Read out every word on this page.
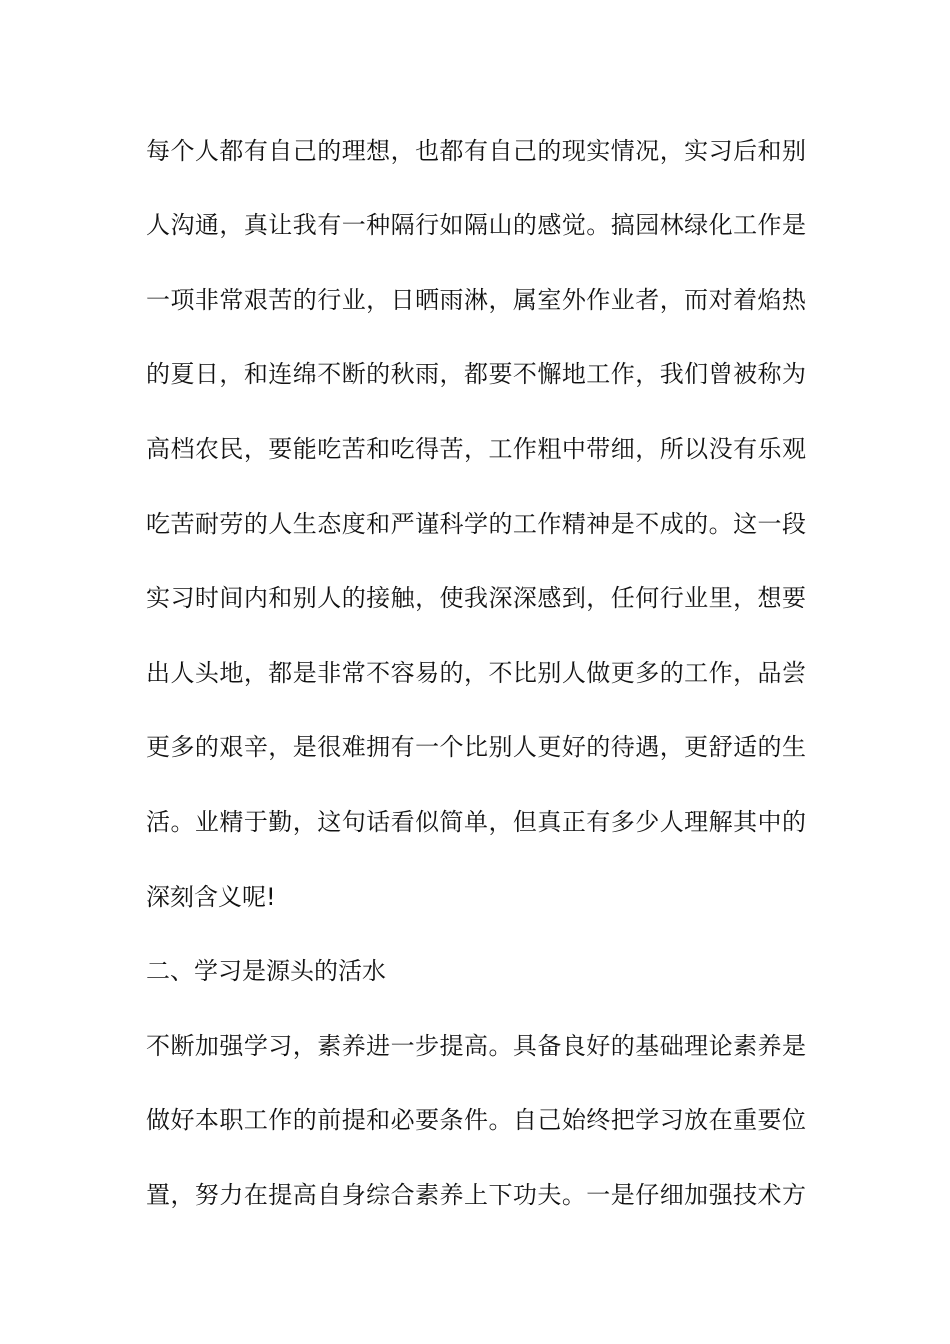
每个人都有自己的理想，也都有自己的现实情况，实习后和别
人沟通，真让我有一种隔行如隔山的感觉。搞园林绿化工作是
一项非常艰苦的行业，日晒雨淋，属室外作业者，而对着焰热
的夏日，和连绵不断的秋雨，都要不懈地工作，我们曾被称为
高档农民，要能吃苦和吃得苦，工作粗中带细，所以没有乐观
吃苦耐劳的人生态度和严谨科学的工作精神是不成的。这一段
实习时间内和别人的接触，使我深深感到，任何行业里，想要
出人头地，都是非常不容易的，不比别人做更多的工作，品尝
更多的艰辛，是很难拥有一个比别人更好的待遇，更舒适的生
活。业精于勤，这句话看似简单，但真正有多少人理解其中的
深刻含义呢!
二、学习是源头的活水
不断加强学习，素养进一步提高。具备良好的基础理论素养是
做好本职工作的前提和必要条件。自己始终把学习放在重要位
置，努力在提高自身综合素养上下功夫。一是仔细加强技术方
